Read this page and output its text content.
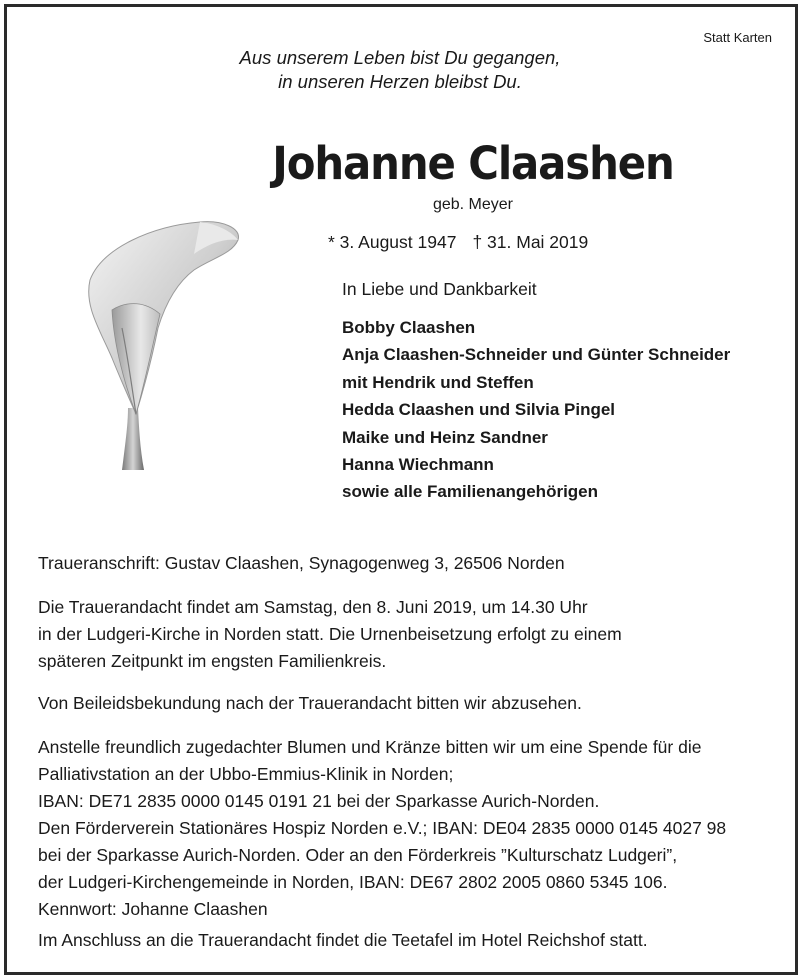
Statt Karten
Aus unserem Leben bist Du gegangen,
in unseren Herzen bleibst Du.
Johanne Claashen
geb. Meyer
* 3. August 1947 † 31. Mai 2019
In Liebe und Dankbarkeit
Bobby Claashen
Anja Claashen-Schneider und Günter Schneider
mit Hendrik und Steffen
Hedda Claashen und Silvia Pingel
Maike und Heinz Sandner
Hanna Wiechmann
sowie alle Familienangehörigen
Traueranschrift: Gustav Claashen, Synagogenweg 3, 26506 Norden
Die Trauerandacht findet am Samstag, den 8. Juni 2019, um 14.30 Uhr
in der Ludgeri-Kirche in Norden statt. Die Urnenbeisetzung erfolgt zu einem
späteren Zeitpunkt im engsten Familienkreis.
Von Beileidsbekundung nach der Trauerandacht bitten wir abzusehen.
Anstelle freundlich zugedachter Blumen und Kränze bitten wir um eine Spende für die
Palliativstation an der Ubbo-Emmius-Klinik in Norden;
IBAN: DE71 2835 0000 0145 0191 21 bei der Sparkasse Aurich-Norden.
Den Förderverein Stationäres Hospiz Norden e.V.; IBAN: DE04 2835 0000 0145 4027 98
bei der Sparkasse Aurich-Norden. Oder an den Förderkreis ”Kulturschatz Ludgeri”,
der Ludgeri-Kirchengemeinde in Norden, IBAN: DE67 2802 2005 0860 5345 106.
Kennwort: Johanne Claashen
Im Anschluss an die Trauerandacht findet die Teetafel im Hotel Reichshof statt.
